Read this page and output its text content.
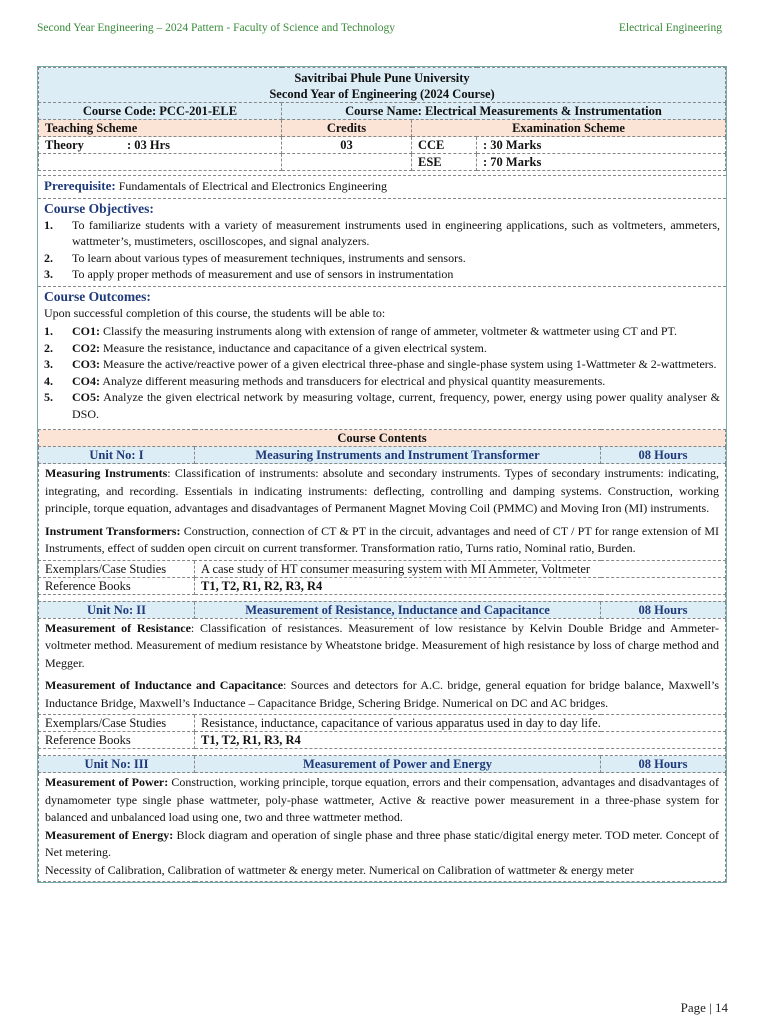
Second Year Engineering – 2024 Pattern - Faculty of Science and Technology	Electrical Engineering
Savitribai Phule Pune University
Second Year of Engineering (2024 Course)			

Course Code: PCC-201-ELE	Course Name: Electrical Measurements & Instrumentation		
Teaching Scheme	Credits	Examination Scheme	
Theory : 03 Hrs	03	CCE	: 30 Marks
		ESE	: 70 Marks
Prerequisite: Fundamentals of Electrical and Electronics Engineering
Course Objectives:
1. To familiarize students with a variety of measurement instruments used in engineering applications, such as voltmeters, ammeters, wattmeter’s, mustimeters, oscilloscopes, and signal analyzers.
2. To learn about various types of measurement techniques, instruments and sensors.
3. To apply proper methods of measurement and use of sensors in instrumentation
Course Outcomes:
Upon successful completion of this course, the students will be able to:
1. CO1: Classify the measuring instruments along with extension of range of ammeter, voltmeter & wattmeter using CT and PT.
2. CO2: Measure the resistance, inductance and capacitance of a given electrical system.
3. CO3: Measure the active/reactive power of a given electrical three-phase and single-phase system using 1-Wattmeter & 2-wattmeters.
4. CO4: Analyze different measuring methods and transducers for electrical and physical quantity measurements.
5. CO5: Analyze the given electrical network by measuring voltage, current, frequency, power, energy using power quality analyser & DSO.
Course Contents		
Unit No: I	Measuring Instruments and Instrument Transformer	08 Hours

Measuring Instruments: Classification of instruments: absolute and secondary instruments. Types of secondary instruments: indicating, integrating, and recording. Essentials in indicating instruments: deflecting, controlling and damping systems. Construction, working principle, torque equation, advantages and disadvantages of Permanent Magnet Moving Coil (PMMC) and Moving Iron (MI) instruments.

Instrument Transformers: Construction, connection of CT & PT in the circuit, advantages and need of CT / PT for range extension of MI Instruments, effect of sudden open circuit on current transformer. Transformation ratio, Turns ratio, Nominal ratio, Burden.		

Exemplars/Case Studies	A case study of HT consumer measuring system with MI Ammeter, Voltmeter	
Reference Books	T1, T2, R1, R2, R3, R4	

Unit No: II	Measurement of Resistance, Inductance and Capacitance	08 Hours

Measurement of Resistance: Classification of resistances. Measurement of low resistance by Kelvin Double Bridge and Ammeter-voltmeter method. Measurement of medium resistance by Wheatstone bridge. Measurement of high resistance by loss of charge method and Megger.

Measurement of Inductance and Capacitance: Sources and detectors for A.C. bridge, general equation for bridge balance, Maxwell’s Inductance Bridge, Maxwell’s Inductance – Capacitance Bridge, Schering Bridge. Numerical on DC and AC bridges.		

Exemplars/Case Studies	Resistance, inductance, capacitance of various apparatus used in day to day life.	
Reference Books	T1, T2, R1, R3, R4	

Unit No: III	Measurement of Power and Energy	08 Hours

Measurement of Power: Construction, working principle, torque equation, errors and their compensation, advantages and disadvantages of dynamometer type single phase wattmeter, poly-phase wattmeter, Active & reactive power measurement in a three-phase system for balanced and unbalanced load using one, two and three wattmeter method.

Measurement of Energy: Block diagram and operation of single phase and three phase static/digital energy meter. TOD meter. Concept of Net metering.

Necessity of Calibration, Calibration of wattmeter & energy meter. Numerical on Calibration of wattmeter & energy meter		

Page | 14
